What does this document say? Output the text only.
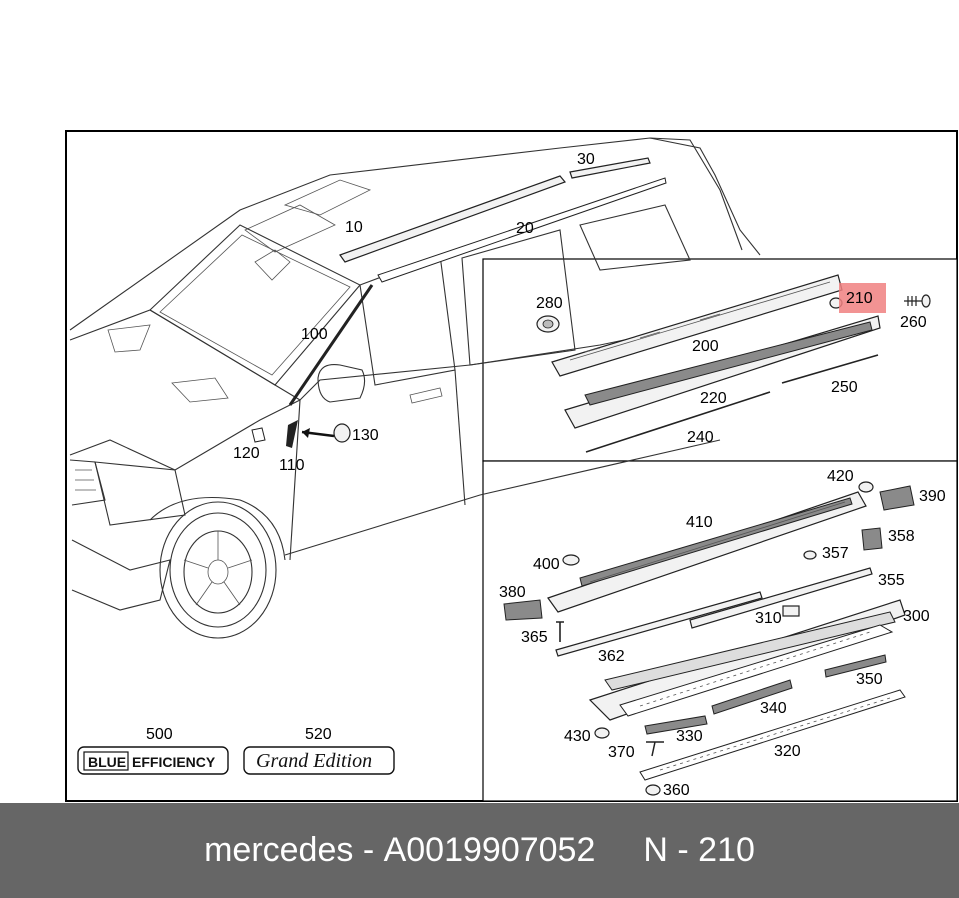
BLUE EFFICIENCY Grand Edition
10	20
30
100
110
120
130
280
200
210
260
220
250
240
420
390
410
358
400
357
355
380
300
310
365
362
350
340
430	330
370	320
360
500	520
mercedes - A0019907052 N - 210
